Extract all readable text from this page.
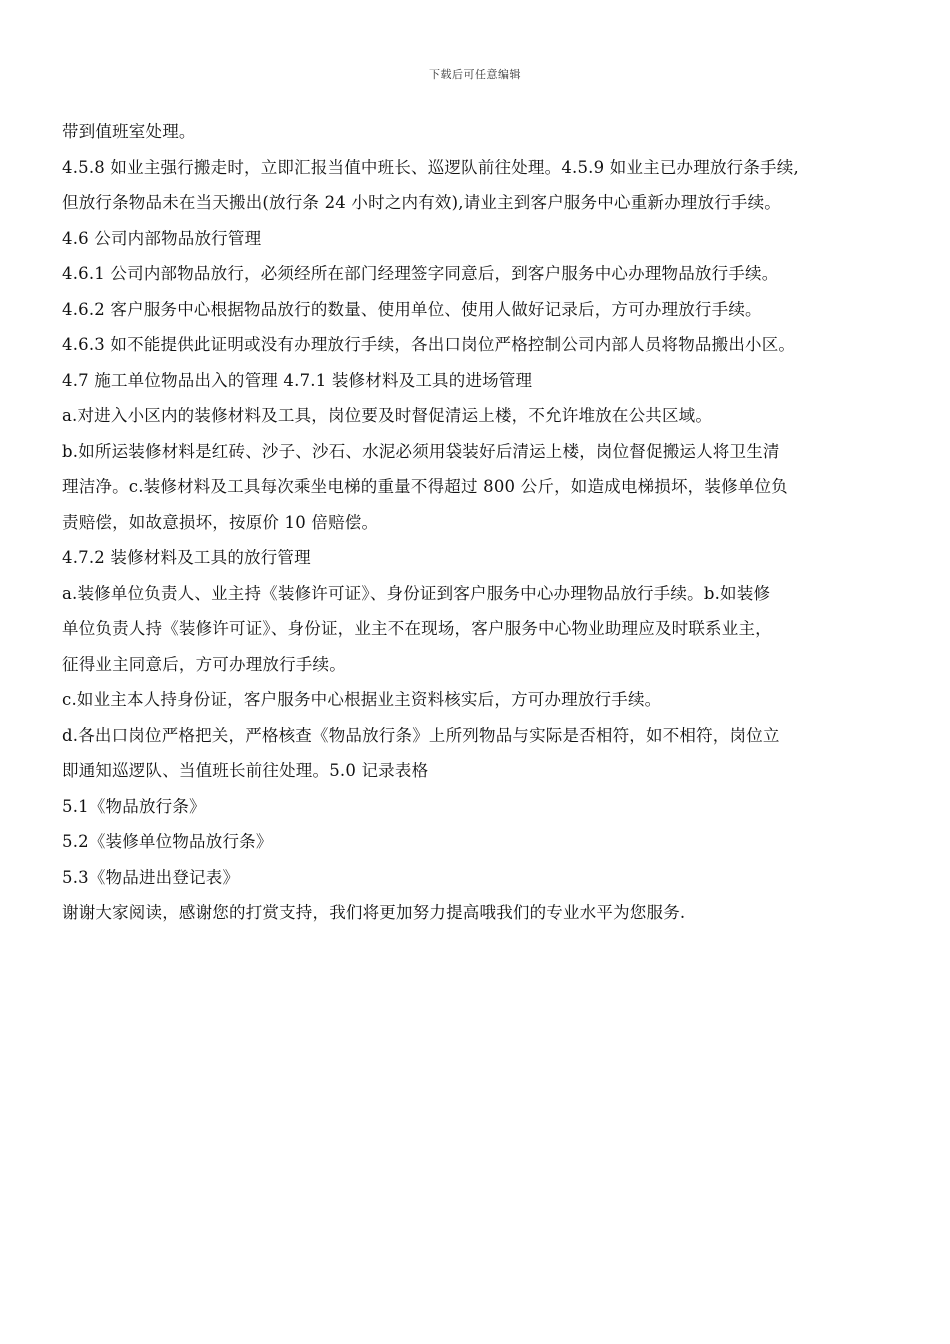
下载后可任意编辑

带到值班室处理。

4.5.8 如业主强行搬走时，立即汇报当值中班长、巡逻队前往处理。4.5.9 如业主已办理放行条手续,

但放行条物品未在当天搬出(放行条 24 小时之内有效),请业主到客户服务中心重新办理放行手续。

4.6 公司内部物品放行管理

4.6.1 公司内部物品放行，必须经所在部门经理签字同意后，到客户服务中心办理物品放行手续。

4.6.2 客户服务中心根据物品放行的数量、使用单位、使用人做好记录后，方可办理放行手续。

4.6.3 如不能提供此证明或没有办理放行手续，各出口岗位严格控制公司内部人员将物品搬出小区。

4.7 施工单位物品出入的管理 4.7.1 装修材料及工具的进场管理

a.对进入小区内的装修材料及工具，岗位要及时督促清运上楼，不允许堆放在公共区域。

b.如所运装修材料是红砖、沙子、沙石、水泥必须用袋装好后清运上楼，岗位督促搬运人将卫生清

理洁净。c.装修材料及工具每次乘坐电梯的重量不得超过 800 公斤，如造成电梯损坏，装修单位负

责赔偿，如故意损坏，按原价 10 倍赔偿。

4.7.2 装修材料及工具的放行管理

a.装修单位负责人、业主持《装修许可证》、身份证到客户服务中心办理物品放行手续。b.如装修

单位负责人持《装修许可证》、身份证，业主不在现场，客户服务中心物业助理应及时联系业主，

征得业主同意后，方可办理放行手续。

c.如业主本人持身份证，客户服务中心根据业主资料核实后，方可办理放行手续。

d.各出口岗位严格把关，严格核查《物品放行条》上所列物品与实际是否相符，如不相符，岗位立

即通知巡逻队、当值班长前往处理。5.0 记录表格

5.1《物品放行条》

5.2《装修单位物品放行条》

5.3《物品进出登记表》

谢谢大家阅读，感谢您的打赏支持，我们将更加努力提高哦我们的专业水平为您服务.
